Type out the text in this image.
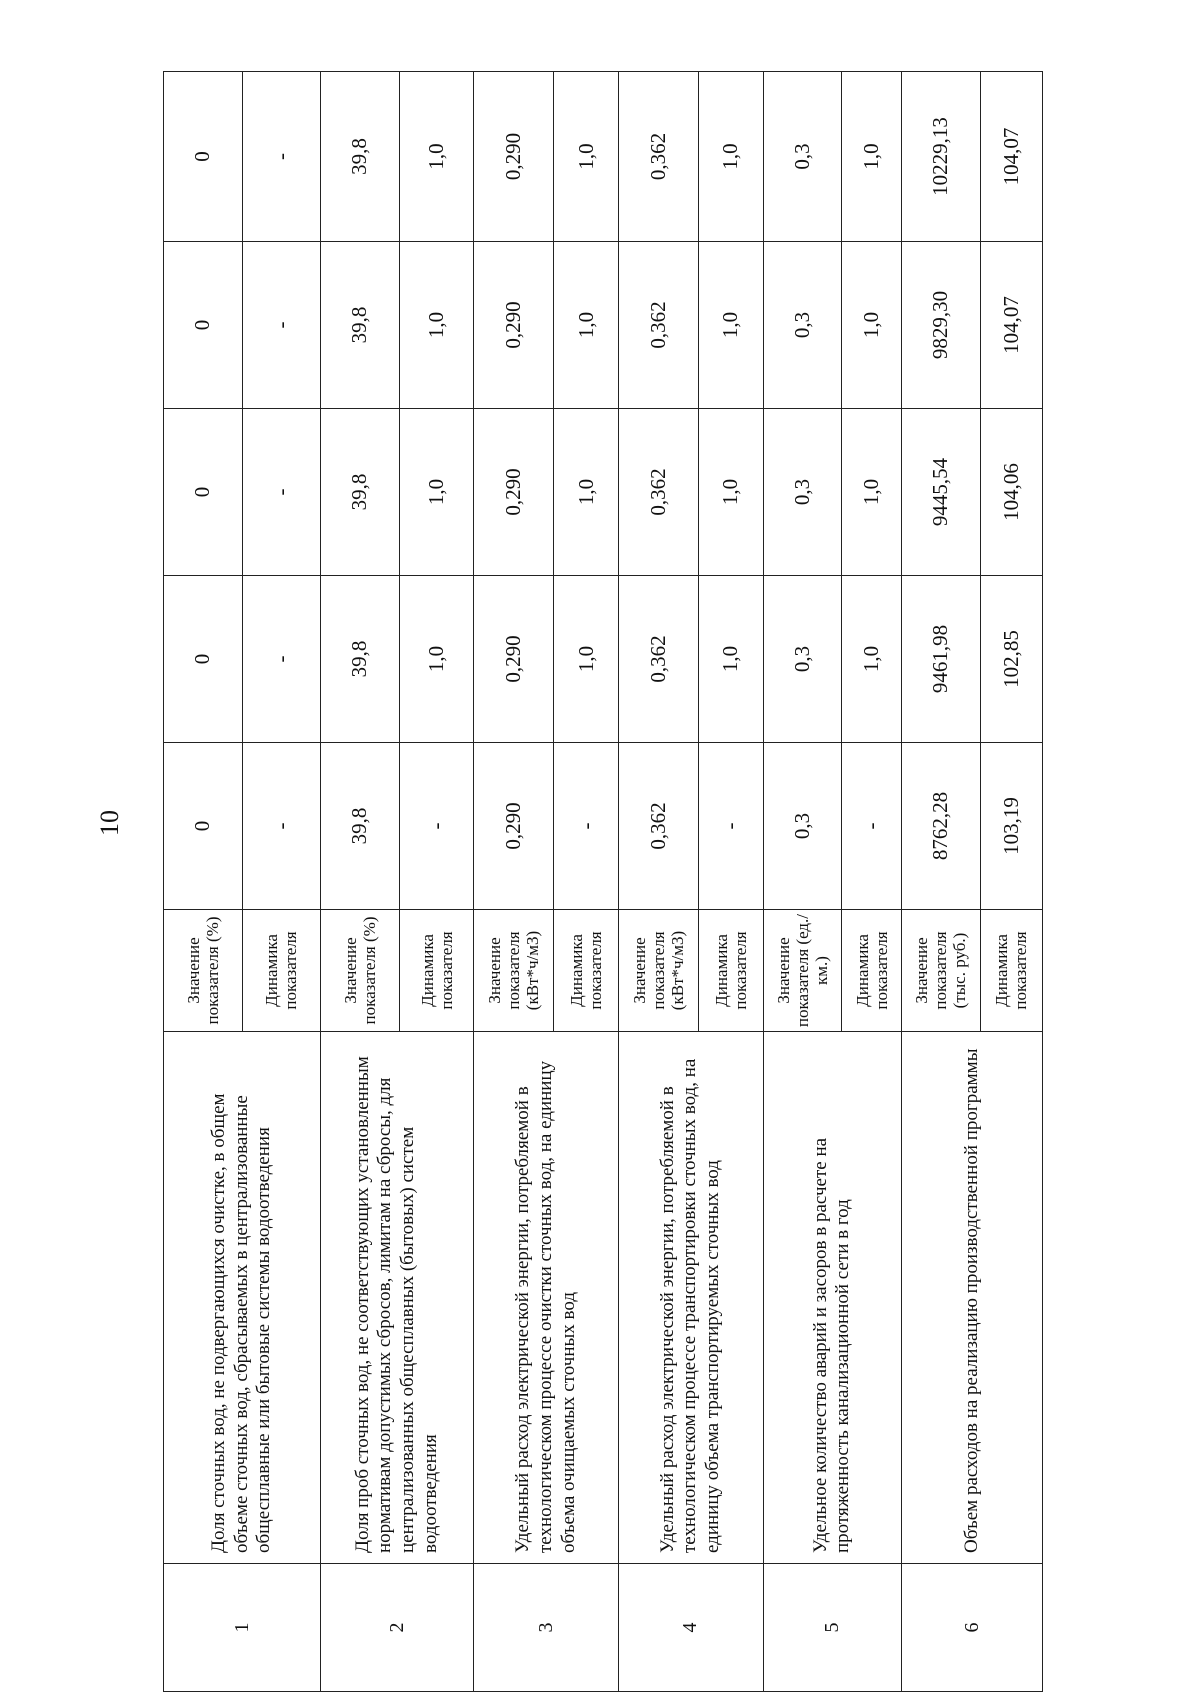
10
1	Доля сточных вод, не подвергающихся очистке, в общем объеме сточных вод, сбрасываемых в централизованные общесплавные или бытовые системы водоотведения	Значение показателя (%)	0	0	0	0	0
		Динамика показателя	-	-	-	-	-
2	Доля проб сточных вод, не соответствующих установленным нормативам допустимых сбросов, лимитам на сбросы, для централизованных общесплавных (бытовых) систем водоотведения	Значение показателя (%)	39,8	39,8	39,8	39,8	39,8
		Динамика показателя	-	1,0	1,0	1,0	1,0
3	Удельный расход электрической энергии, потребляемой в технологическом процессе очистки сточных вод, на единицу объема очищаемых сточных вод	Значение показателя (кВт*ч/м3)	0,290	0,290	0,290	0,290	0,290
		Динамика показателя	-	1,0	1,0	1,0	1,0
4	Удельный расход электрической энергии, потребляемой в технологическом процессе транспортировки сточных вод, на единицу объема транспортируемых сточных вод	Значение показателя (кВт*ч/м3)	0,362	0,362	0,362	0,362	0,362
		Динамика показателя	-	1,0	1,0	1,0	1,0
5	Удельное количество аварий и засоров в расчете на протяженность канализационной сети в год	Значение показателя (ед./км.)	0,3	0,3	0,3	0,3	0,3
		Динамика показателя	-	1,0	1,0	1,0	1,0
6	Объем расходов на реализацию производственной программы	Значение показателя (тыс. руб.)	8762,28	9461,98	9445,54	9829,30	10229,13
		Динамика показателя	103,19	102,85	104,06	104,07	104,07
